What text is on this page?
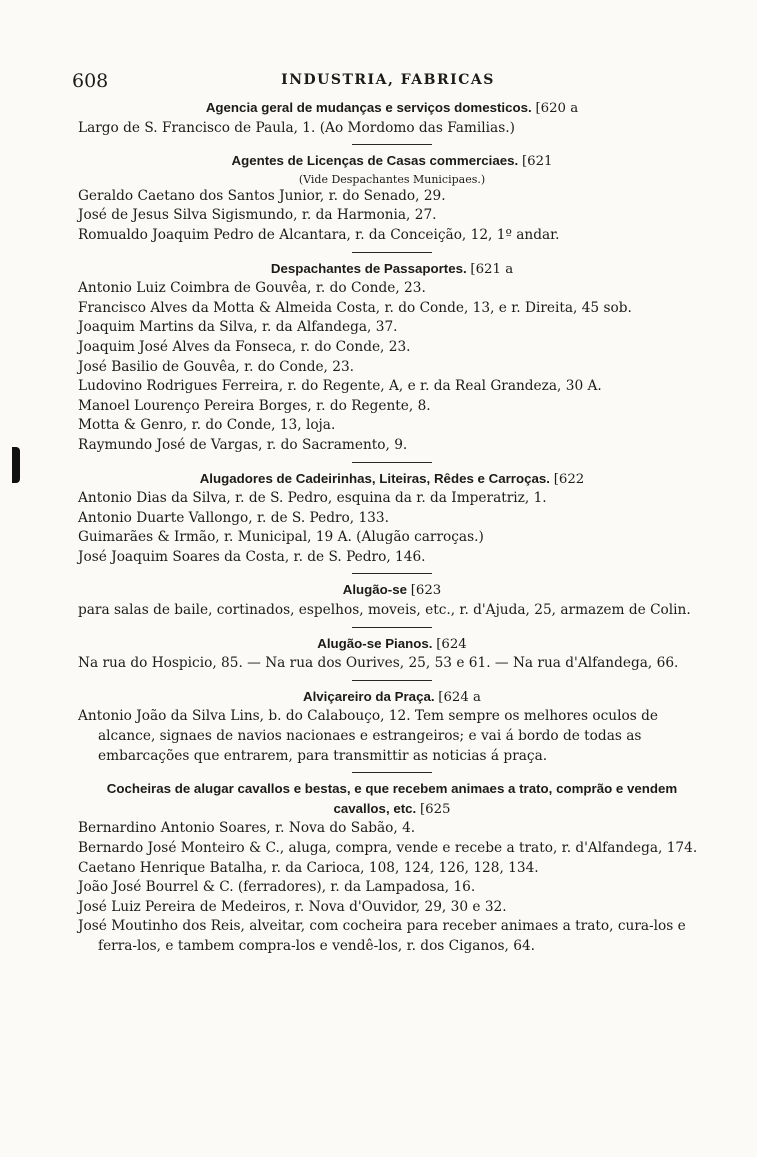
608	INDUSTRIA, FABRICAS
Agencia geral de mudanças e serviços domesticos. [620 a
Largo de S. Francisco de Paula, 1. (Ao Mordomo das Familias.)
Agentes de Licenças de Casas commerciaes. [621
(Vide Despachantes Municipaes.)
Geraldo Caetano dos Santos Junior, r. do Senado, 29.
José de Jesus Silva Sigismundo, r. da Harmonia, 27.
Romualdo Joaquim Pedro de Alcantara, r. da Conceição, 12, 1º andar.
Despachantes de Passaportes. [621 a
Antonio Luiz Coimbra de Gouvêa, r. do Conde, 23.
Francisco Alves da Motta & Almeida Costa, r. do Conde, 13, e r. Direita, 45 sob.
Joaquim Martins da Silva, r. da Alfandega, 37.
Joaquim José Alves da Fonseca, r. do Conde, 23.
José Basilio de Gouvêa, r. do Conde, 23.
Ludovino Rodrigues Ferreira, r. do Regente, A, e r. da Real Grandeza, 30 A.
Manoel Lourenço Pereira Borges, r. do Regente, 8.
Motta & Genro, r. do Conde, 13, loja.
Raymundo José de Vargas, r. do Sacramento, 9.
Alugadores de Cadeirinhas, Liteiras, Rêdes e Carroças. [622
Antonio Dias da Silva, r. de S. Pedro, esquina da r. da Imperatriz, 1.
Antonio Duarte Vallongo, r. de S. Pedro, 133.
Guimarães & Irmão, r. Municipal, 19 A. (Alugão carroças.)
José Joaquim Soares da Costa, r. de S. Pedro, 146.
Alugão-se [623
para salas de baile, cortinados, espelhos, moveis, etc., r. d'Ajuda, 25, armazem de Colin.
Alugão-se Pianos. [624
Na rua do Hospicio, 85. — Na rua dos Ourives, 25, 53 e 61. — Na rua d'Alfandega, 66.
Alviçareiro da Praça. [624 a
Antonio João da Silva Lins, b. do Calabouço, 12. Tem sempre os melhores oculos de alcance, signaes de navios nacionaes e estrangeiros; e vai á bordo de todas as embarcações que entrarem, para transmittir as noticias á praça.
Cocheiras de alugar cavallos e bestas, e que recebem animaes a trato, comprão e vendem cavallos, etc. [625
Bernardino Antonio Soares, r. Nova do Sabão, 4.
Bernardo José Monteiro & C., aluga, compra, vende e recebe a trato, r. d'Alfandega, 174.
Caetano Henrique Batalha, r. da Carioca, 108, 124, 126, 128, 134.
João José Bourrel & C. (ferradores), r. da Lampadosa, 16.
José Luiz Pereira de Medeiros, r. Nova d'Ouvidor, 29, 30 e 32.
José Moutinho dos Reis, alveitar, com cocheira para receber animaes a trato, cura-los e ferra-los, e tambem compra-los e vendê-los, r. dos Ciganos, 64.
